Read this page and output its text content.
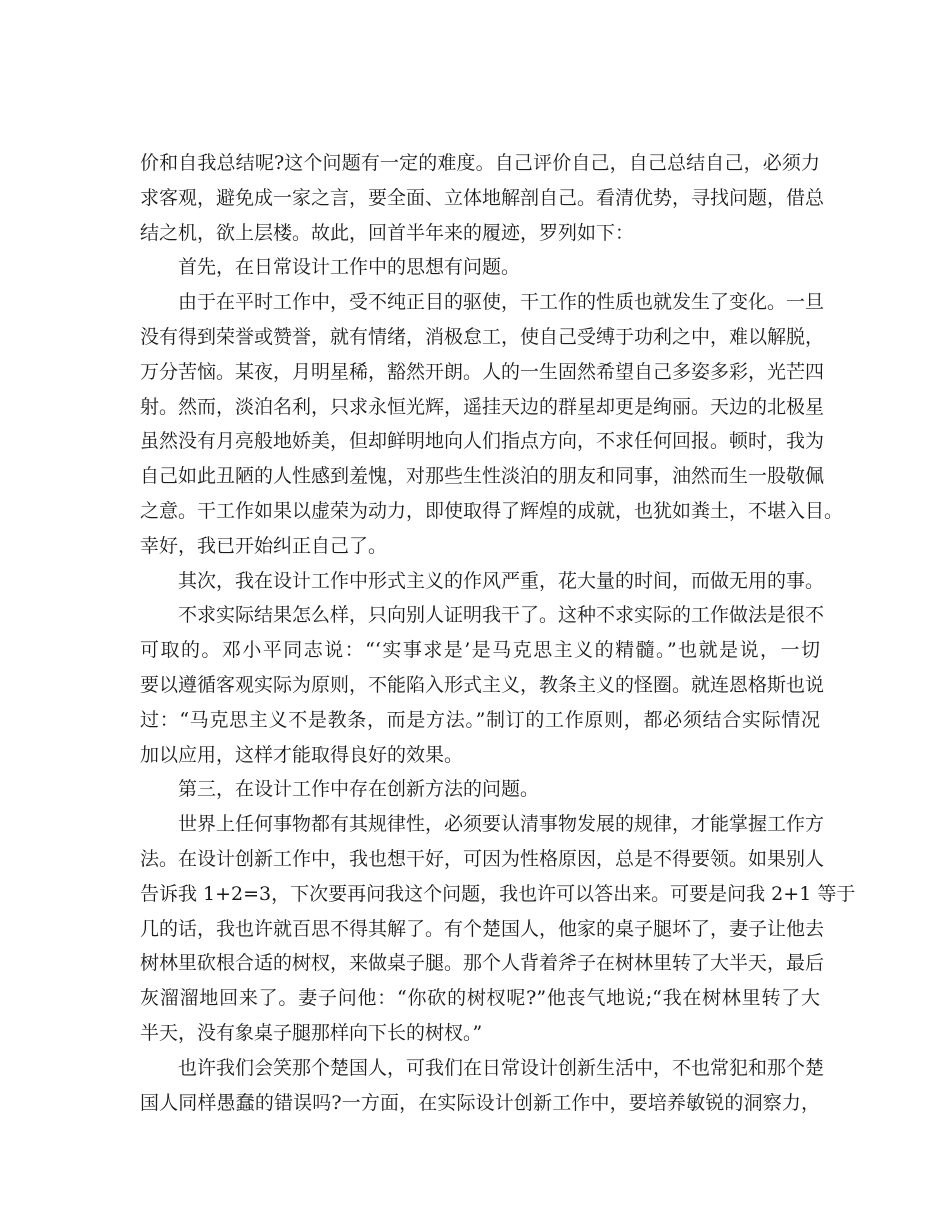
价和自我总结呢?这个问题有一定的难度。自己评价自己，自己总结自己，必须力
求客观，避免成一家之言，要全面、立体地解剖自己。看清优势，寻找问题，借总
结之机，欲上层楼。故此，回首半年来的履迹，罗列如下：
首先，在日常设计工作中的思想有问题。
由于在平时工作中，受不纯正目的驱使，干工作的性质也就发生了变化。一旦
没有得到荣誉或赞誉，就有情绪，消极怠工，使自己受缚于功利之中，难以解脱，
万分苦恼。某夜，月明星稀，豁然开朗。人的一生固然希望自己多姿多彩，光芒四
射。然而，淡泊名利，只求永恒光辉，遥挂天边的群星却更是绚丽。天边的北极星
虽然没有月亮般地娇美，但却鲜明地向人们指点方向，不求任何回报。顿时，我为
自己如此丑陋的人性感到羞愧，对那些生性淡泊的朋友和同事，油然而生一股敬佩
之意。干工作如果以虚荣为动力，即使取得了辉煌的成就，也犹如粪土，不堪入目。
幸好，我已开始纠正自己了。
其次，我在设计工作中形式主义的作风严重，花大量的时间，而做无用的事。
不求实际结果怎么样，只向别人证明我干了。这种不求实际的工作做法是很不
可取的。邓小平同志说：“‘实事求是’是马克思主义的精髓。”也就是说，一切
要以遵循客观实际为原则，不能陷入形式主义，教条主义的怪圈。就连恩格斯也说
过：“马克思主义不是教条，而是方法。”制订的工作原则，都必须结合实际情况
加以应用，这样才能取得良好的效果。
第三，在设计工作中存在创新方法的问题。
世界上任何事物都有其规律性，必须要认清事物发展的规律，才能掌握工作方
法。在设计创新工作中，我也想干好，可因为性格原因，总是不得要领。如果别人
告诉我 1+2=3，下次要再问我这个问题，我也许可以答出来。可要是问我 2+1 等于
几的话，我也许就百思不得其解了。有个楚国人，他家的桌子腿坏了，妻子让他去
树林里砍根合适的树杈，来做桌子腿。那个人背着斧子在树林里转了大半天，最后
灰溜溜地回来了。妻子问他：“你砍的树杈呢?”他丧气地说;“我在树林里转了大
半天，没有象桌子腿那样向下长的树杈。”
也许我们会笑那个楚国人，可我们在日常设计创新生活中，不也常犯和那个楚
国人同样愚蠢的错误吗?一方面，在实际设计创新工作中，要培养敏锐的洞察力，
